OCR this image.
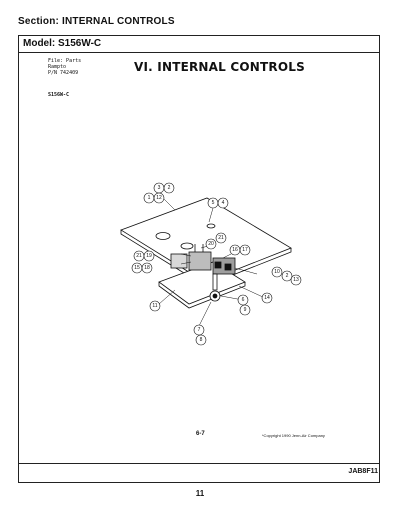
Section: INTERNAL CONTROLS
Model: S156W-C
File: Parts
Rampto
P/N 742409	VI. INTERNAL CONTROLS
S156W-C
3 2
1 12
5 4
21
20
16 17
21 19
15 18
10
2
13
14
6
9
11
7
8
6-7	*Copyright 1990 Jenn-Air Company
JAB8F11
11
